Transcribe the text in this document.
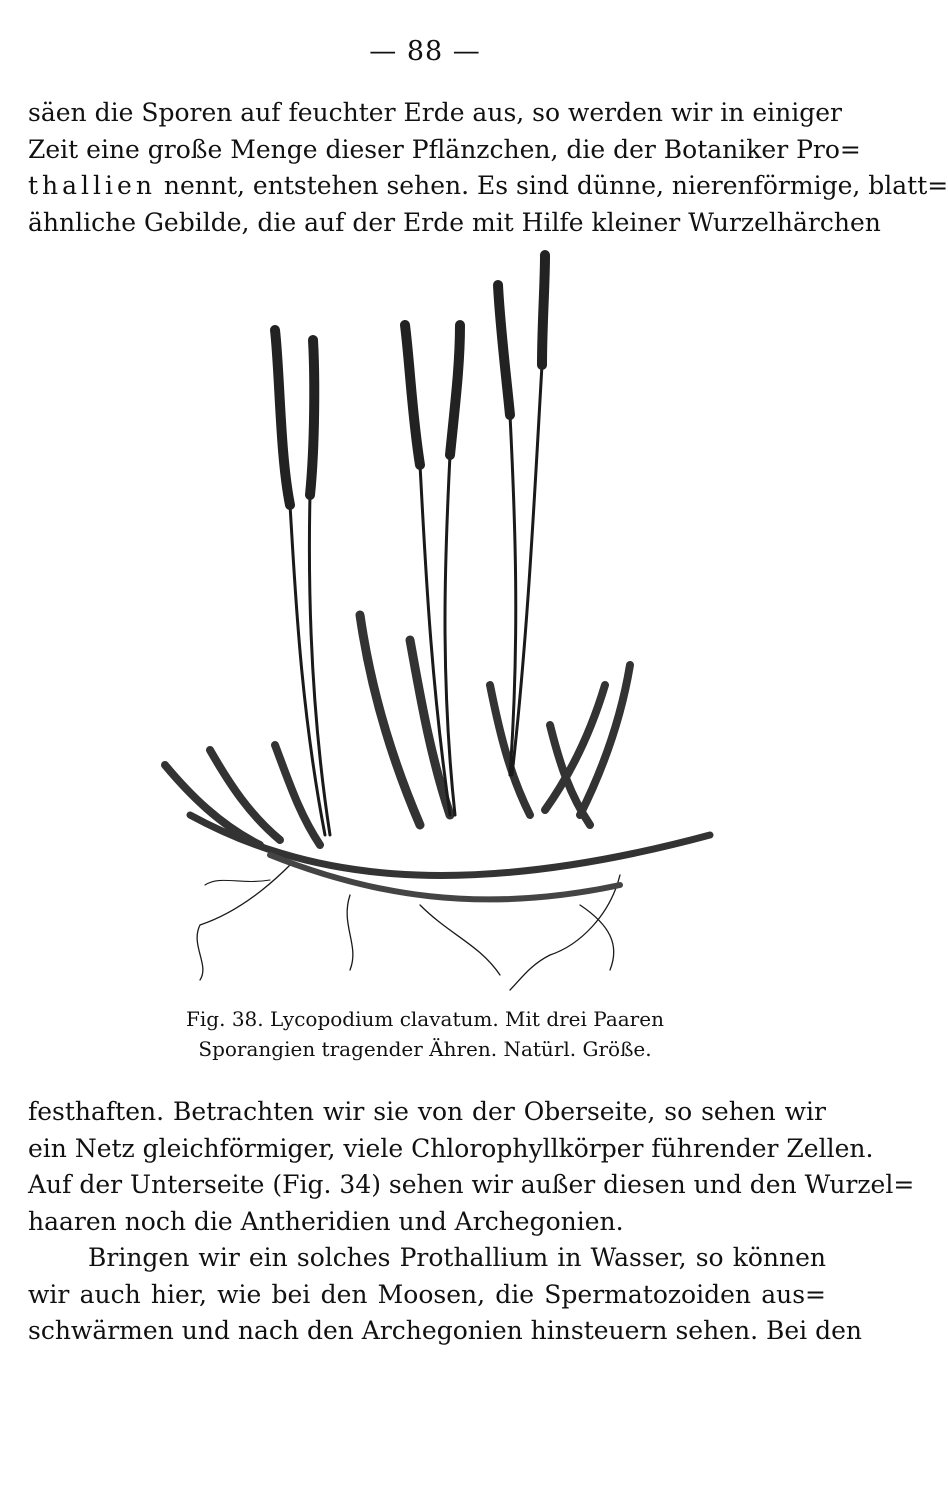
— 88 —
säen die Sporen auf feuchter Erde aus, so werden wir in einiger
Zeit eine große Menge dieser Pflänzchen, die der Botaniker Pro=
thallien nennt, entstehen sehen. Es sind dünne, nierenförmige, blatt=
ähnliche Gebilde, die auf der Erde mit Hilfe kleiner Wurzelhärchen
Fig. 38. Lycopodium clavatum. Mit drei Paaren
Sporangien tragender Ähren. Natürl. Größe.
festhaften. Betrachten wir sie von der Oberseite, so sehen wir
ein Netz gleichförmiger, viele Chlorophyllkörper führender Zellen.
Auf der Unterseite (Fig. 34) sehen wir außer diesen und den Wurzel=
haaren noch die Antheridien und Archegonien.
Bringen wir ein solches Prothallium in Wasser, so können
wir auch hier, wie bei den Moosen, die Spermatozoiden aus=
schwärmen und nach den Archegonien hinsteuern sehen. Bei den
